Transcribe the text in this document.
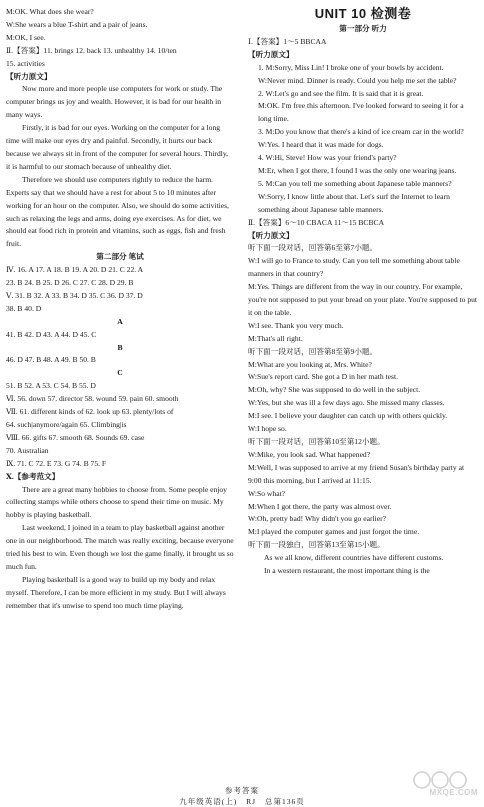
M:OK. What does she wear?
W:She wears a blue T-shirt and a pair of jeans.
M:OK, I see.
Ⅱ.【答案】11. brings 12. back 13. unhealthy 14. 10/ten
15. activities
【听力原文】

Now more and more people use computers for work or study. The computer brings us joy and wealth. However, it is bad for our health in many ways.

Firstly, it is bad for our eyes. Working on the computer for a long time will make our eyes dry and painful. Secondly, it hurts our back because we always sit in front of the computer for several hours. Thirdly, it is harmful to our stomach because of unhealthy diet.

Therefore we should use computers rightly to reduce the harm. Experts say that we should have a rest for about 5 to 10 minutes after working for an hour on the computer. Also, we should do some activities, such as relaxing the legs and arms, doing eye exercises. As for diet, we should eat food rich in protein and vitamins, such as eggs, fish and fresh fruit.

第二部分 笔试
Ⅳ. 16. A 17. A 18. B 19. A 20. D 21. C 22. A
23. B 24. B 25. D 26. C 27. C 28. D 29. B
Ⅴ. 31. B 32. A 33. B 34. D 35. C 36. D 37. D
38. B 40. D
A
41. B 42. D 43. A 44. D 45. C
B
46. D 47. B 48. A 49. B 50. B
C
51. B 52. A 53. C 54. B 55. D
Ⅵ. 56. down 57. director 58. wound 59. pain 60. smooth
Ⅶ. 61. different kinds of 62. look up 63. plenty/lots of
64. such|anymore/again 65. Climbing|is
Ⅷ. 66. gifts 67. smooth 68. Sounds 69. case
70. Australian
Ⅸ. 71. C 72. E 73. G 74. B 75. F
Ⅹ.【参考范文】

There are a great many hobbies to choose from. Some people enjoy collecting stamps while others choose to spend their time on music. My hobby is playing basketball.

Last weekend, I joined in a team to play basketball against another one in our neighborhood. The match was really exciting, because everyone tried his best to win. Even though we lost the game finally, it brought us so much fun.

Playing basketball is a good way to build up my body and relax myself. Therefore, I can be more efficient in my study. But I will always remember that it's unwise to spend too much time playing.

UNIT 10 检测卷
第一部分 听力
Ⅰ.【答案】1～5 BBCAA
【听力原文】

1. M:Sorry, Miss Lin! I broke one of your bowls by accident.

W:Never mind. Dinner is ready. Could you help me set the table?

2. W:Let's go and see the film. It is said that it is great.

M:OK. I'm free this afternoon. I've looked forward to seeing it for a long time.

3. M:Do you know that there's a kind of ice cream car in the world?

W:Yes. I heard that it was made for dogs.

4. W:Hi, Steve! How was your friend's party?

M:Er, when I got there, I found I was the only one wearing jeans.

5. M:Can you tell me something about Japanese table manners?

W:Sorry, I know little about that. Let's surf the Internet to learn something about Japanese table manners.

Ⅱ.【答案】6～10 CBACA 11～15 BCBCA
【听力原文】

听下面一段对话，回答第6至第7小题。

W:I will go to France to study. Can you tell me something about table manners in that country?

M:Yes. Things are different from the way in our country. For example, you're not supposed to put your bread on your plate. You're supposed to put it on the table.

W:I see. Thank you very much.

M:That's all right.

听下面一段对话，回答第8至第9小题。

M:What are you looking at, Mrs. White?

W:Sue's report card. She got a D in her math test.

M:Oh, why? She was supposed to do well in the subject.

W:Yes, but she was ill a few days ago. She missed many classes.

M:I see. I believe your daughter can catch up with others quickly.

W:I hope so.

听下面一段对话，回答第10至第12小题。

W:Mike, you look sad. What happened?

M:Well, I was supposed to arrive at my friend Susan's birthday party at 9:00 this morning, but I arrived at 11:15.

W:So what?

M:When I got there, the party was almost over.

W:Oh, pretty bad! Why didn't you go earlier?

M:I played the computer games and just forgot the time.

听下面一段独白，回答第13至第15小题。

As we all know, different countries have different customs.

In a western restaurant, the most important thing is the

参考答案
九年级英语(上) RJ 总第136页
MXQE.COM
